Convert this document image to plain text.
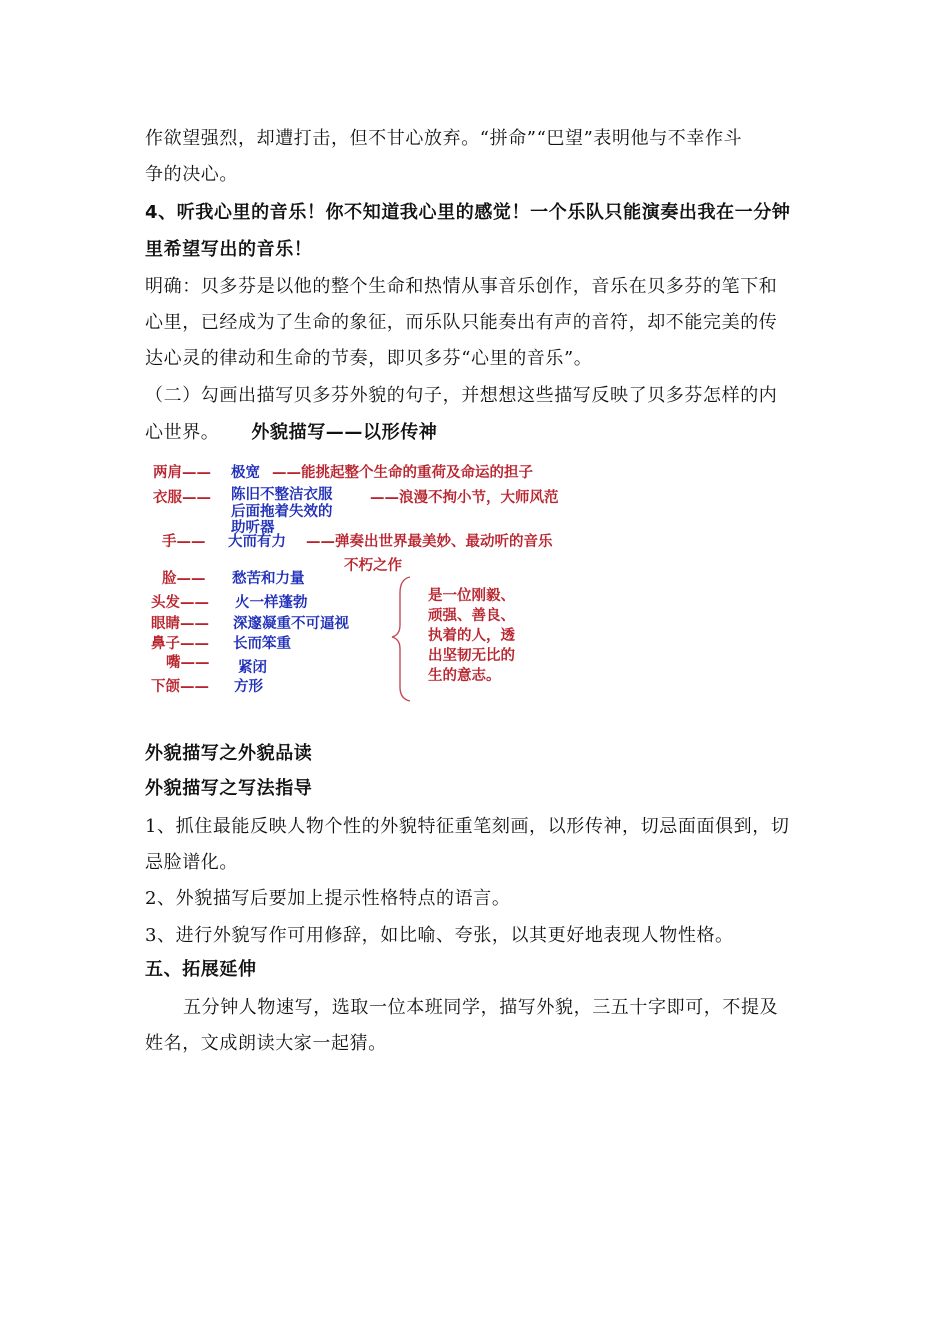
作欲望强烈，却遭打击，但不甘心放弃。“拼命”“巴望”表明他与不幸作斗
争的决心。
4、听我心里的音乐！你不知道我心里的感觉！一个乐队只能演奏出我在一分钟
里希望写出的音乐！
明确：贝多芬是以他的整个生命和热情从事音乐创作，音乐在贝多芬的笔下和
心里，已经成为了生命的象征，而乐队只能奏出有声的音符，却不能完美的传
达心灵的律动和生命的节奏，即贝多芬“心里的音乐”。
（二）勾画出描写贝多芬外貌的句子，并想想这些描写反映了贝多芬怎样的内
心世界。 外貌描写——以形传神
两肩—— 极宽 ——能挑起整个生命的重荷及命运的担子
衣服—— 陈旧不整洁衣服
后面拖着失效的
助听器
——浪漫不拘小节，大师风范
手—— 大而有力 ——弹奏出世界最美妙、最动听的音乐
不朽之作
脸—— 愁苦和力量
头发—— 火一样蓬勃
眼睛—— 深邃凝重不可逼视
鼻子—— 长而笨重
嘴—— 紧闭
下颌—— 方形
是一位刚毅、
顽强、善良、
执着的人，透
出坚韧无比的
生的意志。
外貌描写之外貌品读
外貌描写之写法指导
1、抓住最能反映人物个性的外貌特征重笔刻画，以形传神，切忌面面俱到，切
忌脸谱化。
2、外貌描写后要加上提示性格特点的语言。
3、进行外貌写作可用修辞，如比喻、夸张，以其更好地表现人物性格。
五、拓展延伸
五分钟人物速写，选取一位本班同学，描写外貌，三五十字即可，不提及
姓名，文成朗读大家一起猜。
